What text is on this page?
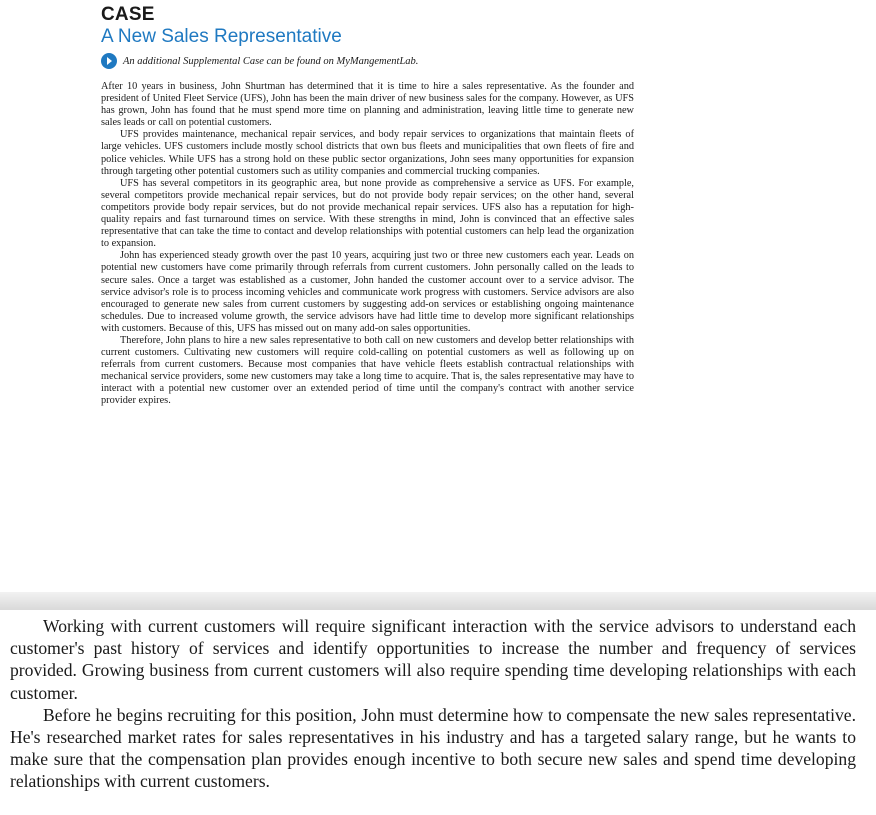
CASE
A New Sales Representative
An additional Supplemental Case can be found on MyMangementLab.

After 10 years in business, John Shurtman has determined that it is time to hire a sales representative. As the founder and president of United Fleet Service (UFS), John has been the main driver of new business sales for the company. However, as UFS has grown, John has found that he must spend more time on planning and administration, leaving little time to generate new sales leads or call on potential customers.

UFS provides maintenance, mechanical repair services, and body repair services to organizations that maintain fleets of large vehicles. UFS customers include mostly school districts that own bus fleets and municipalities that own fleets of fire and police vehicles. While UFS has a strong hold on these public sector organizations, John sees many opportunities for expansion through targeting other potential customers such as utility companies and commercial trucking companies.

UFS has several competitors in its geographic area, but none provide as comprehensive a service as UFS. For example, several competitors provide mechanical repair services, but do not provide body repair services; on the other hand, several competitors provide body repair services, but do not provide mechanical repair services. UFS also has a reputation for high-quality repairs and fast turnaround times on service. With these strengths in mind, John is convinced that an effective sales representative that can take the time to contact and develop relationships with potential customers can help lead the organization to expansion.

John has experienced steady growth over the past 10 years, acquiring just two or three new customers each year. Leads on potential new customers have come primarily through referrals from current customers. John personally called on the leads to secure sales. Once a target was established as a customer, John handed the customer account over to a service advisor. The service advisor's role is to process incoming vehicles and communicate work progress with customers. Service advisors are also encouraged to generate new sales from current customers by suggesting add-on services or establishing ongoing maintenance schedules. Due to increased volume growth, the service advisors have had little time to develop more significant relationships with customers. Because of this, UFS has missed out on many add-on sales opportunities.

Therefore, John plans to hire a new sales representative to both call on new customers and develop better relationships with current customers. Cultivating new customers will require cold-calling on potential customers as well as following up on referrals from current customers. Because most companies that have vehicle fleets establish contractual relationships with mechanical service providers, some new customers may take a long time to acquire. That is, the sales representative may have to interact with a potential new customer over an extended period of time until the company's contract with another service provider expires.

Working with current customers will require significant interaction with the service advisors to understand each customer's past history of services and identify opportunities to increase the number and frequency of services provided. Growing business from current customers will also require spending time developing relationships with each customer.

Before he begins recruiting for this position, John must determine how to compensate the new sales representative. He's researched market rates for sales representatives in his industry and has a targeted salary range, but he wants to make sure that the compensation plan provides enough incentive to both secure new sales and spend time developing relationships with current customers.
